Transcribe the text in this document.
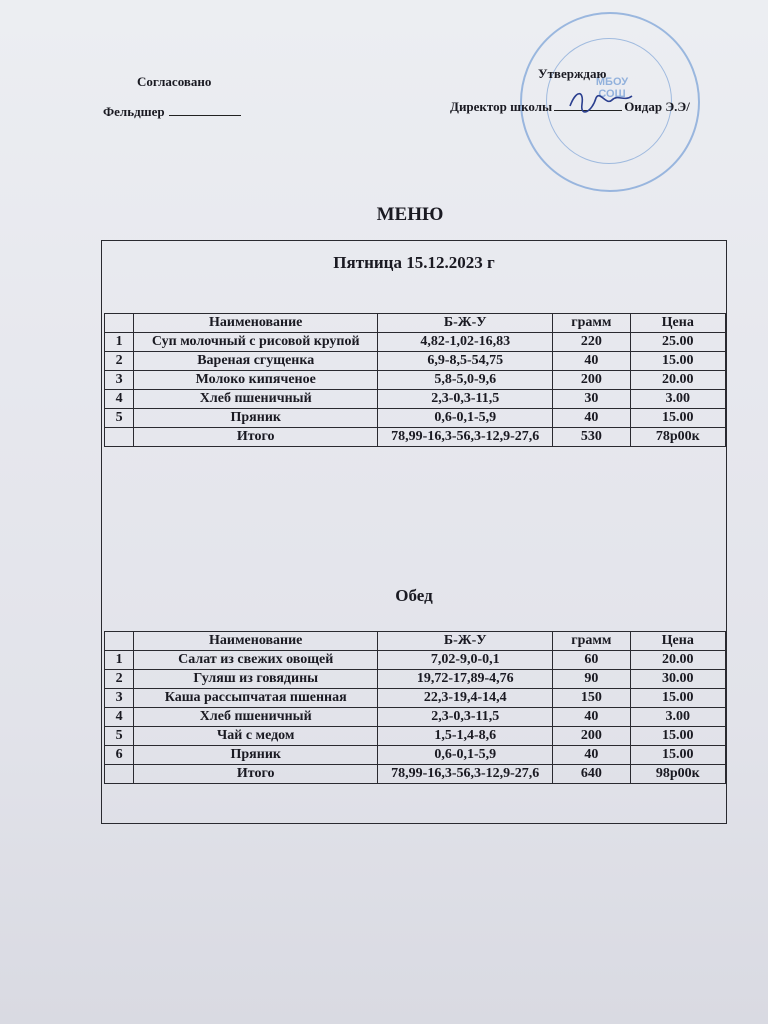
Согласовано
Фельдшер
МБОУ СОШ
Утверждаю
Директор школы	Оидар Э.Э/
МЕНЮ
Пятница 15.12.2023 г
	Наименование	Б-Ж-У	грамм	Цена
1	Суп молочный с рисовой крупой	4,82-1,02-16,83	220	25.00
2	Вареная сгущенка	6,9-8,5-54,75	40	15.00
3	Молоко кипяченое	5,8-5,0-9,6	200	20.00
4	Хлеб пшеничный	2,3-0,3-11,5	30	3.00
5	Пряник	0,6-0,1-5,9	40	15.00
	Итого	78,99-16,3-56,3-12,9-27,6	530	78р00к
Обед
	Наименование	Б-Ж-У	грамм	Цена
1	Салат из свежих овощей	7,02-9,0-0,1	60	20.00
2	Гуляш из говядины	19,72-17,89-4,76	90	30.00
3	Каша рассыпчатая пшенная	22,3-19,4-14,4	150	15.00
4	Хлеб пшеничный	2,3-0,3-11,5	40	3.00
5	Чай с медом	1,5-1,4-8,6	200	15.00
6	Пряник	0,6-0,1-5,9	40	15.00
	Итого	78,99-16,3-56,3-12,9-27,6	640	98р00к
